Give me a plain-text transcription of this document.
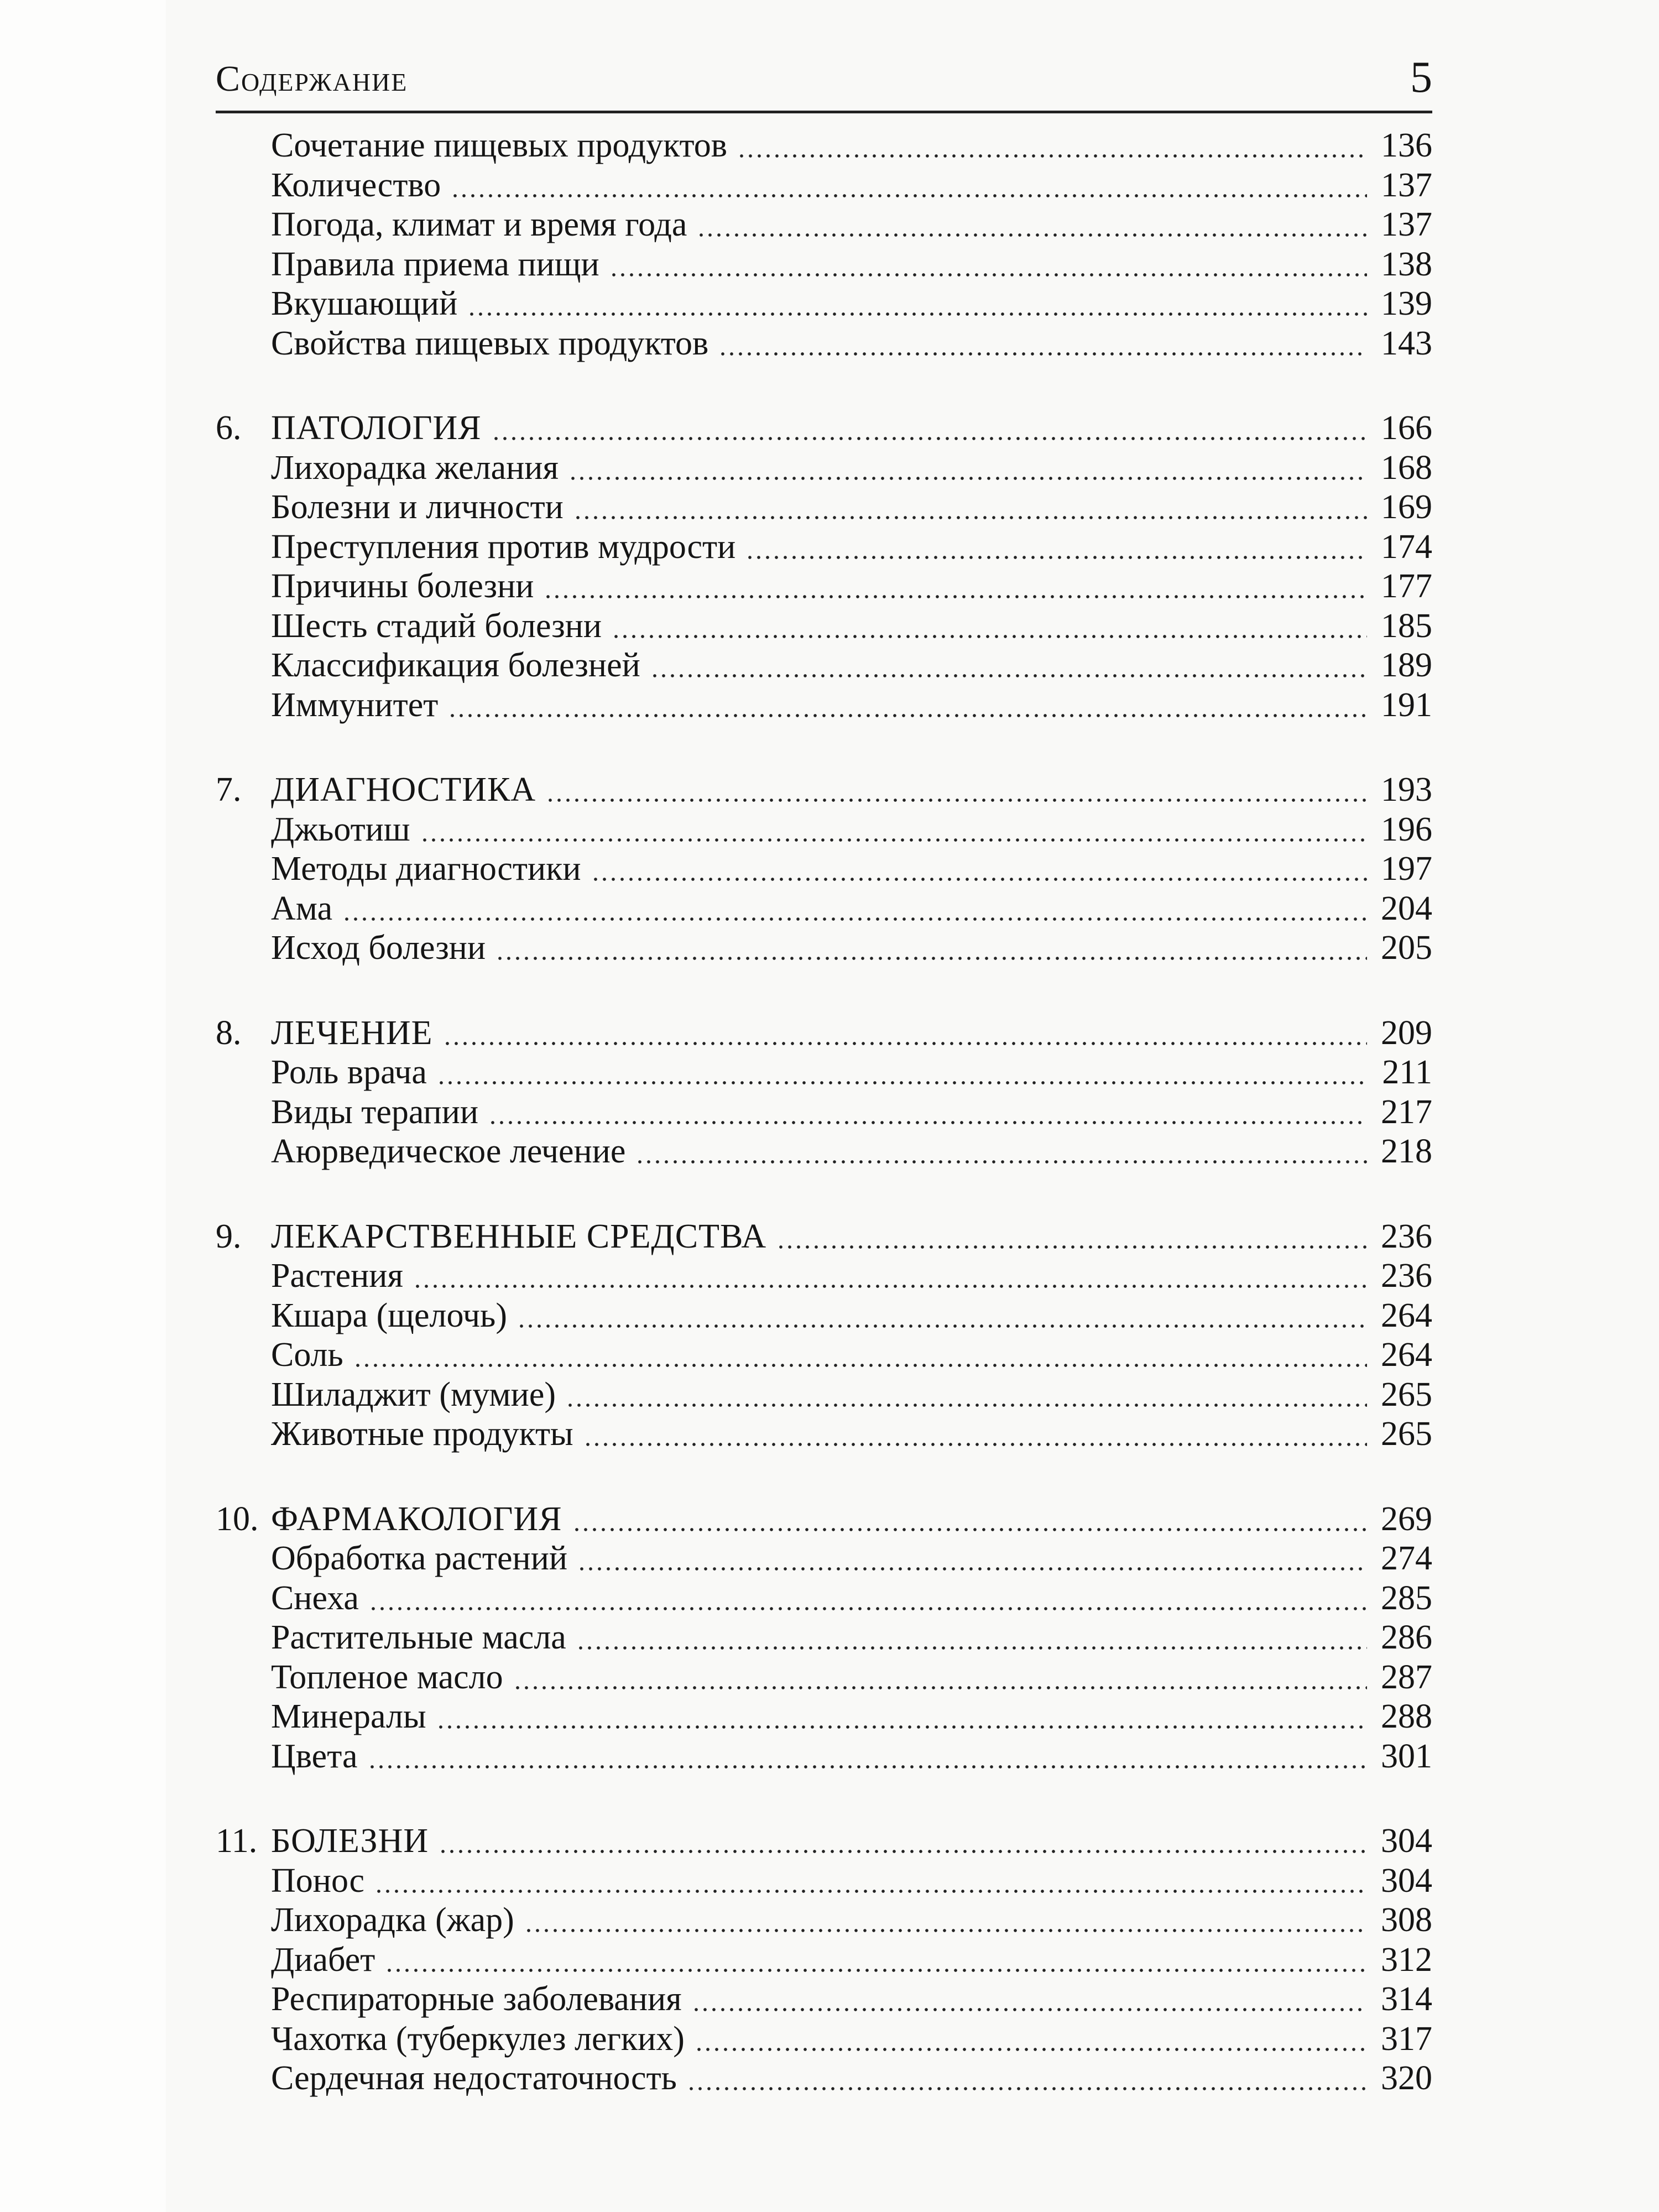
Содержание	5
Сочетание пищевых продуктов	136
Количество	137
Погода, климат и время года	137
Правила приема пищи	138
Вкушающий	139
Свойства пищевых продуктов	143
6. ПАТОЛОГИЯ	166
Лихорадка желания	168
Болезни и личности	169
Преступления против мудрости	174
Причины болезни	177
Шесть стадий болезни	185
Классификация болезней	189
Иммунитет	191
7. ДИАГНОСТИКА	193
Джьотиш	196
Методы диагностики	197
Ама	204
Исход болезни	205
8. ЛЕЧЕНИЕ	209
Роль врача	211
Виды терапии	217
Аюрведическое лечение	218
9. ЛЕКАРСТВЕННЫЕ СРЕДСТВА	236
Растения	236
Кшара (щелочь)	264
Соль	264
Шиладжит (мумие)	265
Животные продукты	265
10. ФАРМАКОЛОГИЯ	269
Обработка растений	274
Снеха	285
Растительные масла	286
Топленое масло	287
Минералы	288
Цвета	301
11. БОЛЕЗНИ	304
Понос	304
Лихорадка (жар)	308
Диабет	312
Респираторные заболевания	314
Чахотка (туберкулез легких)	317
Сердечная недостаточность	320
